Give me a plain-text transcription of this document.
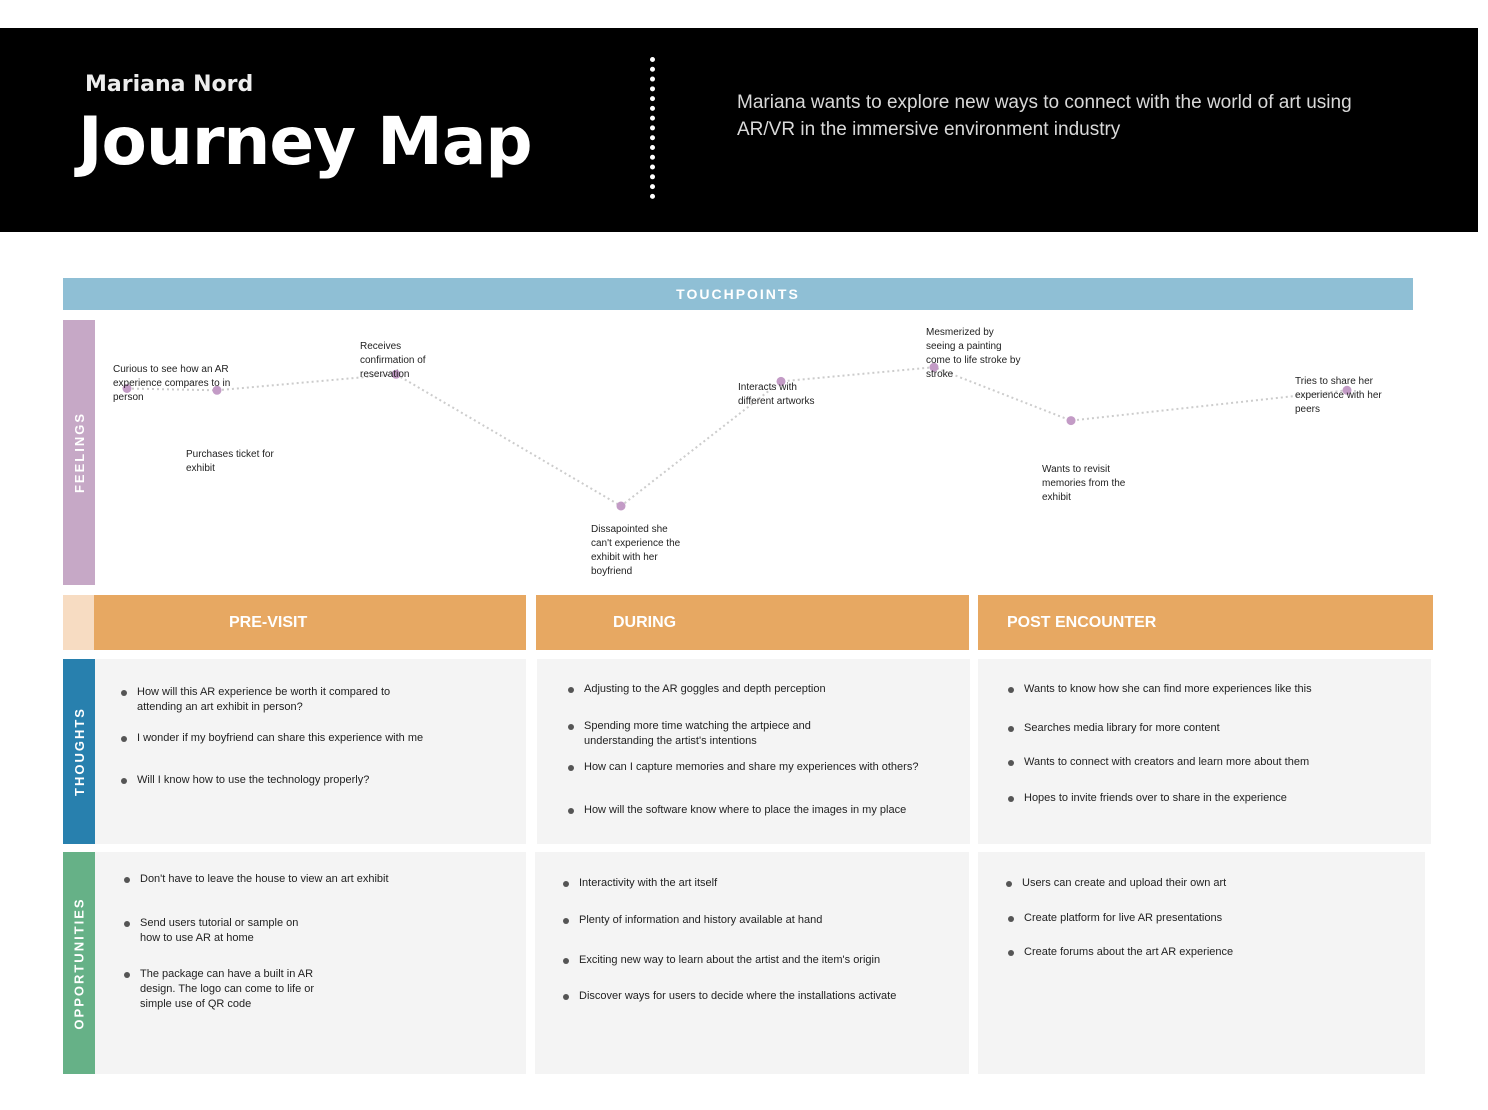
Mariana Nord
Journey Map
Mariana wants to explore new ways to connect with the world of art using AR/VR in the immersive environment industry
TOUCHPOINTS
FEELINGS
THOUGHTS
OPPORTUNITIES
Curious to see how an AR experience compares to in person
Purchases ticket for exhibit
Receives confirmation of reservation
Dissapointed she can't experience the exhibit with her boyfriend
Interacts with different artworks
Mesmerized by seeing a painting come to life stroke by stroke
Wants to revisit memories from the exhibit
Tries to share her experience with her peers
PRE-VISIT	DURING	POST ENCOUNTER
How will this AR experience be worth it compared to attending an art exhibit in person?
I wonder if my boyfriend can share this experience with me
Will I know how to use the technology properly?
Adjusting to the AR goggles and depth perception
Spending more time watching the artpiece and understanding the artist's intentions
How can I capture memories and share my experiences with others?
How will the software know where to place the images in my place
Wants to know how she can find more experiences like this
Searches media library for more content
Wants to connect with creators and learn more about them
Hopes to invite friends over to share in the experience
Don't have to leave the house to view an art exhibit
Send users tutorial or sample on how to use AR at home
The package can have a built in AR design. The logo can come to life or simple use of QR code
Interactivity with the art itself
Plenty of information and history available at hand
Exciting new way to learn about the artist and the item's origin
Discover ways for users to decide where the installations activate
Users can create and upload their own art
Create platform for live AR presentations
Create forums about the art AR experience
